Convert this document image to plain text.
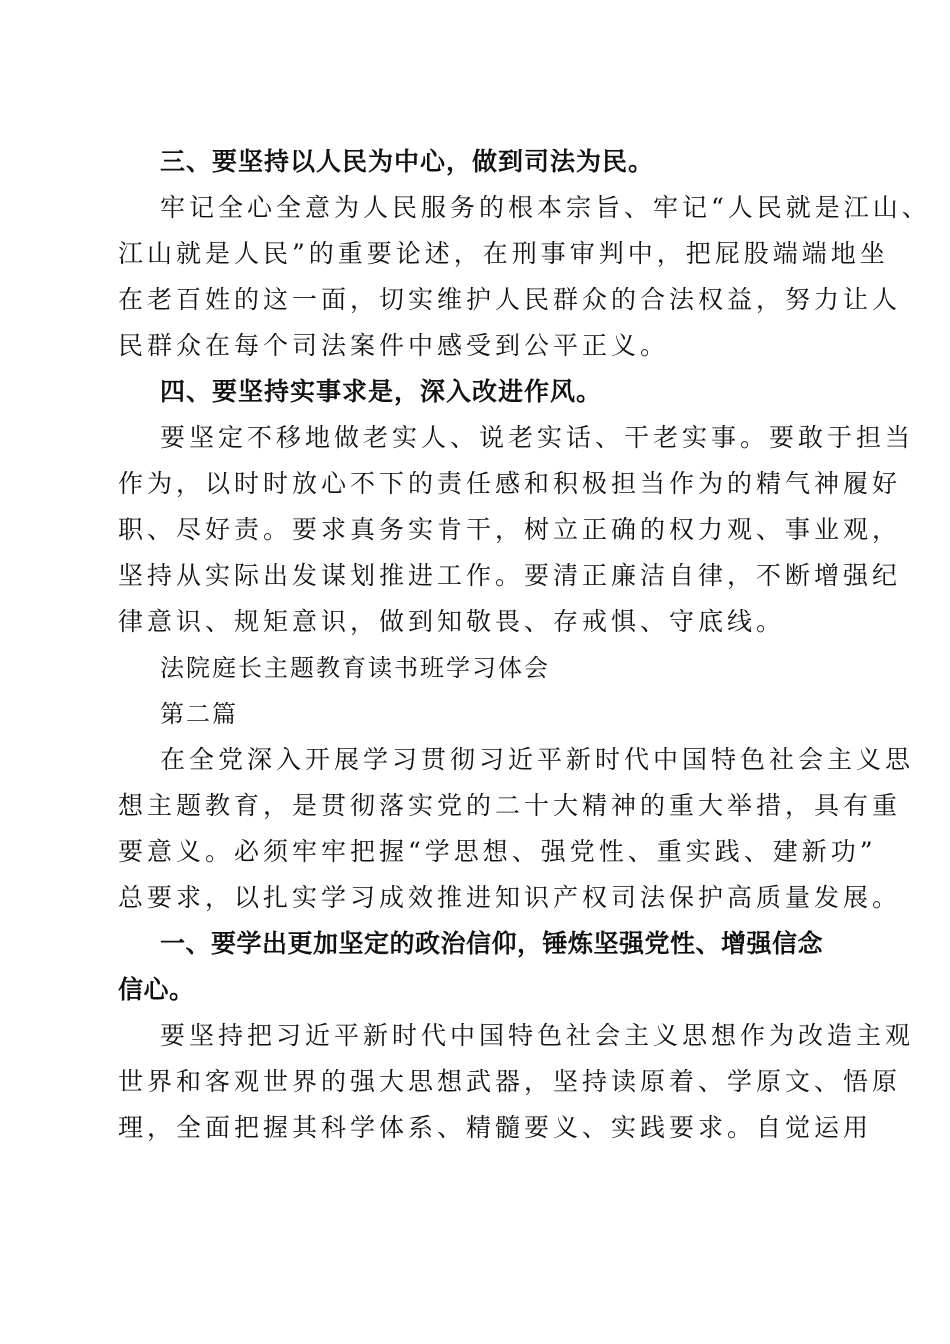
三、要坚持以人民为中心，做到司法为民。
牢记全心全意为人民服务的根本宗旨、牢记“人民就是江山、
江山就是人民”的重要论述，在刑事审判中，把屁股端端地坐
在老百姓的这一面，切实维护人民群众的合法权益，努力让人
民群众在每个司法案件中感受到公平正义。
四、要坚持实事求是，深入改进作风。
要坚定不移地做老实人、说老实话、干老实事。要敢于担当
作为，以时时放心不下的责任感和积极担当作为的精气神履好
职、尽好责。要求真务实肯干，树立正确的权力观、事业观，
坚持从实际出发谋划推进工作。要清正廉洁自律，不断增强纪
律意识、规矩意识，做到知敬畏、存戒惧、守底线。
法院庭长主题教育读书班学习体会
第二篇
在全党深入开展学习贯彻习近平新时代中国特色社会主义思
想主题教育，是贯彻落实党的二十大精神的重大举措，具有重
要意义。必须牢牢把握“学思想、强党性、重实践、建新功”
总要求，以扎实学习成效推进知识产权司法保护高质量发展。
一、要学出更加坚定的政治信仰，锤炼坚强党性、增强信念
信心。
要坚持把习近平新时代中国特色社会主义思想作为改造主观
世界和客观世界的强大思想武器，坚持读原着、学原文、悟原
理，全面把握其科学体系、精髓要义、实践要求。自觉运用
